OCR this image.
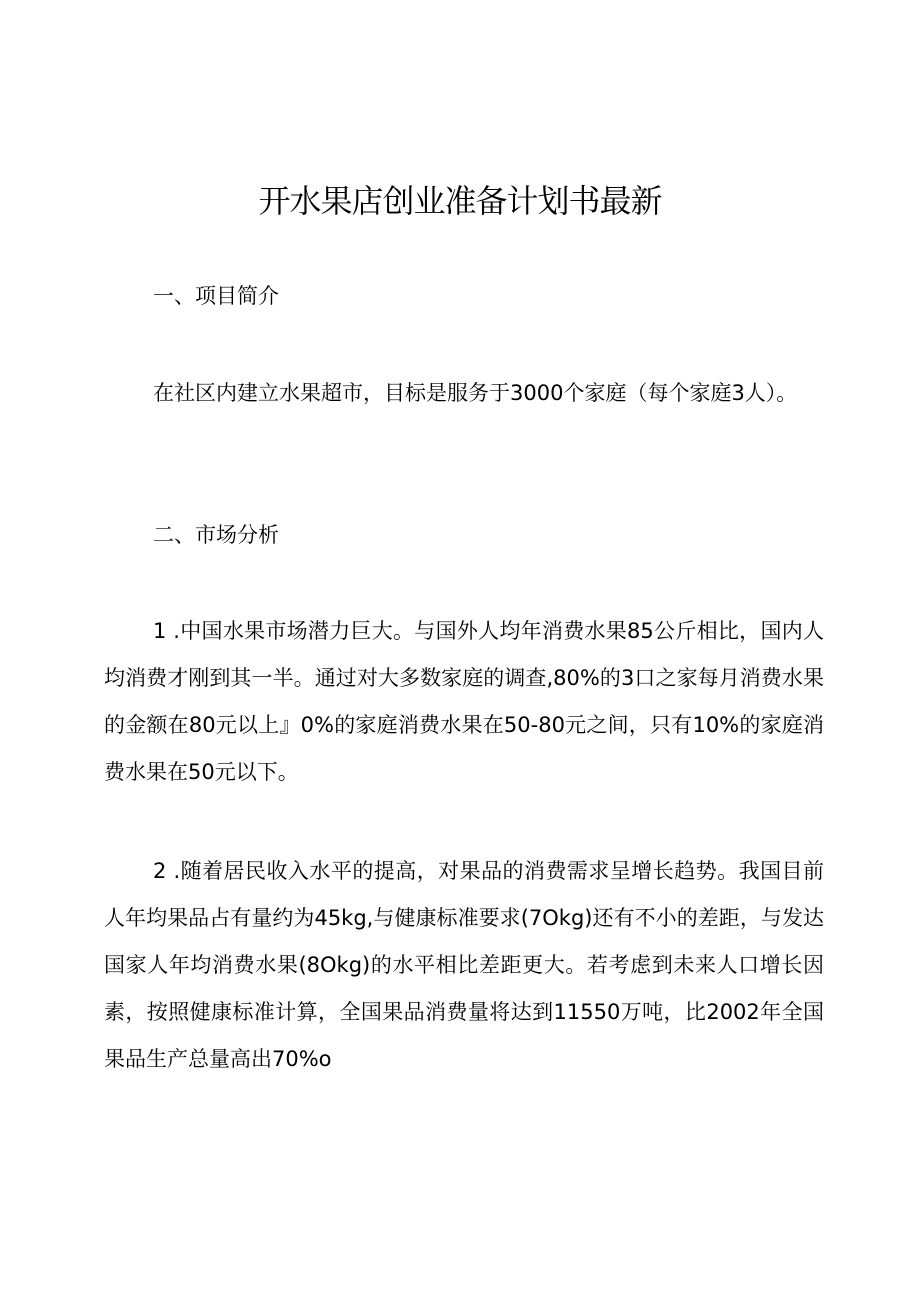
开水果店创业准备计划书最新

一、项目简介

在社区内建立水果超市，目标是服务于3000个家庭（每个家庭3人）。

二、市场分析

1 .中国水果市场潜力巨大。与国外人均年消费水果85公斤相比，国内人均消费才刚到其一半。通过对大多数家庭的调查,80%的3口之家每月消费水果的金额在80元以上』0%的家庭消费水果在50-80元之间，只有10%的家庭消费水果在50元以下。

2 .随着居民收入水平的提高，对果品的消费需求呈增长趋势。我国目前人年均果品占有量约为45kg,与健康标准要求(7Okg)还有不小的差距，与发达国家人年均消费水果(8Okg)的水平相比差距更大。若考虑到未来人口增长因素，按照健康标准计算，全国果品消费量将达到11550万吨，比2002年全国果品生产总量高出70%o
